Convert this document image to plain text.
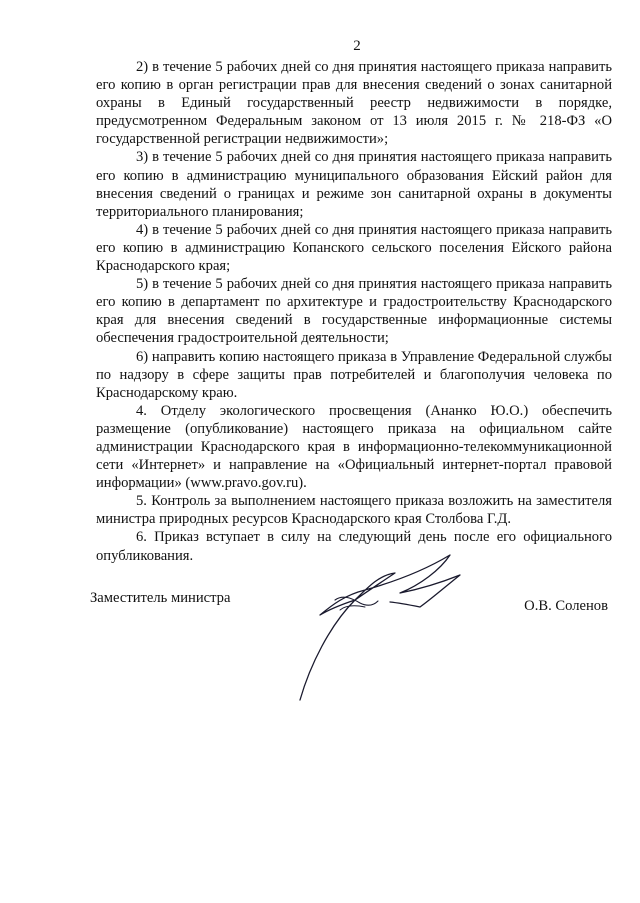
2

2) в течение 5 рабочих дней со дня принятия настоящего приказа направить его копию в орган регистрации прав для внесения сведений о зонах санитарной охраны в Единый государственный реестр недвижимости в порядке, предусмотренном Федеральным законом от 13 июля 2015 г. № 218-ФЗ «О государственной регистрации недвижимости»;

3) в течение 5 рабочих дней со дня принятия настоящего приказа направить его копию в администрацию муниципального образования Ейский район для внесения сведений о границах и режиме зон санитарной охраны в документы территориального планирования;

4) в течение 5 рабочих дней со дня принятия настоящего приказа направить его копию в администрацию Копанского сельского поселения Ейского района Краснодарского края;

5) в течение 5 рабочих дней со дня принятия настоящего приказа направить его копию в департамент по архитектуре и градостроительству Краснодарского края для внесения сведений в государственные информационные системы обеспечения градостроительной деятельности;

6) направить копию настоящего приказа в Управление Федеральной службы по надзору в сфере защиты прав потребителей и благополучия человека по Краснодарскому краю.

4. Отделу экологического просвещения (Ананко Ю.О.) обеспечить размещение (опубликование) настоящего приказа на официальном сайте администрации Краснодарского края в информационно-телекоммуникационной сети «Интернет» и направление на «Официальный интернет-портал правовой информации» (www.pravo.gov.ru).

5. Контроль за выполнением настоящего приказа возложить на заместителя министра природных ресурсов Краснодарского края Столбова Г.Д.

6. Приказ вступает в силу на следующий день после его официального опубликования.

Заместитель министра	О.В. Соленов
